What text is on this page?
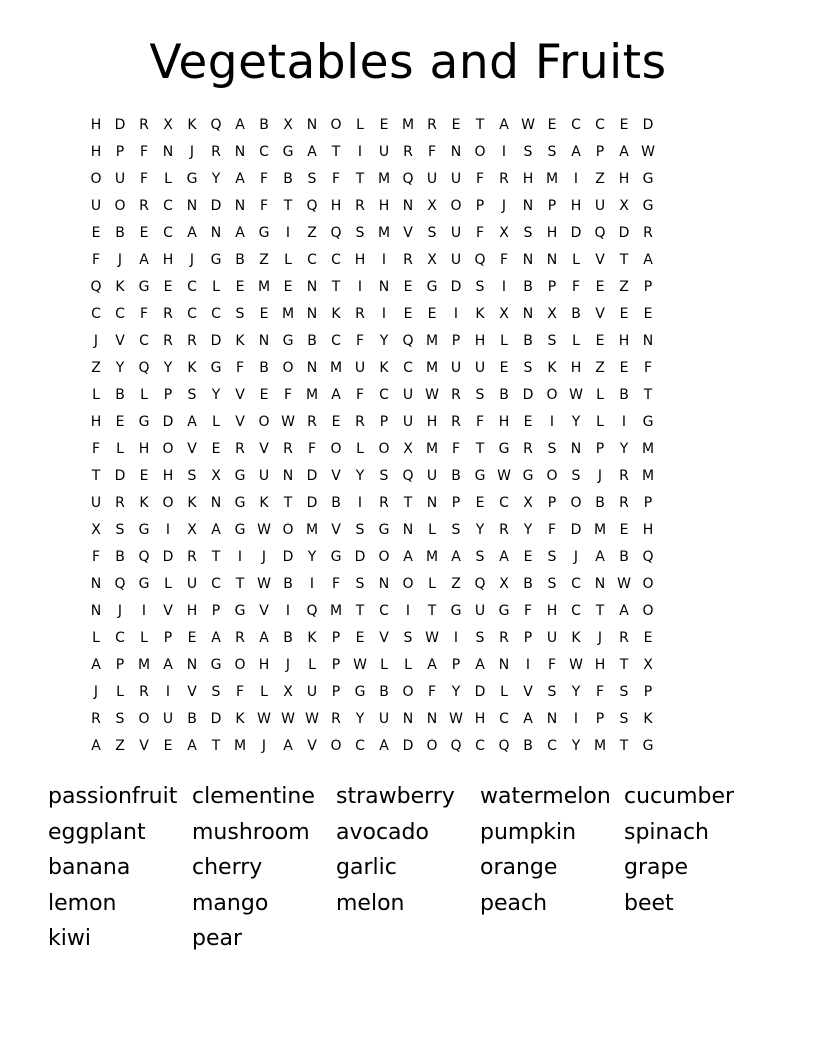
Vegetables and Fruits
H D R	X	K Q A	B	X N O	L	E M R	E	T	A W E	C	C	E	D
H	P	F	N	J	R N C G A	T	I	U	R	F	N O	I	S	S	A	P	A W
O U	F	L	G	Y	A	F	B	S	F	T M Q U U	F	R H M	I	Z H G
U O R	C N D N	F	T	Q H R H N X O	P	J	N	P	H U	X G
E	B	E	C	A N A G	I	Z Q	S M V	S	U	F	X	S	H D Q D R
F	J	A H	J	G B	Z	L	C	C H	I	R	X	U Q	F	N N	L	V	T	A
Q K G	E	C	L	E M E	N	T	I	N	E	G D	S	I	B	P	F	E	Z	P
C	C	F	R	C	C	S	E M N	K	R	I	E	E	I	K	X N X	B	V	E	E
J	V	C	R	R D	K	N G B	C	F	Y	Q M P	H	L	B	S	L	E	H N
Z	Y	Q	Y	K G	F	B O N M U	K	C M U U	E	S	K	H Z	E	F
L	B	L	P	S	Y	V	E	F M A	F	C U W R	S	B D O W L	B	T
H	E	G D A	L	V O W R	E	R	P	U H R	F	H	E	I	Y	L	I	G
F	L	H O V	E	R	V	R	F	O	L	O X M F	T	G R	S	N	P	Y M
T	D	E	H	S	X G U N D V	Y	S	Q U	B G W G O	S	J	R M
U	R	K O K	N G K	T	D B	I	R	T	N	P	E	C	X	P	O B	R	P
X	S	G	I	X	A G W O M V	S	G N	L	S	Y	R	Y	F	D M E	H
F	B Q D R	T	I	J	D	Y	G D O A M A	S	A	E	S	J	A	B Q
N Q G	L	U C	T W B	I	F	S	N O	L	Z Q X	B	S	C N W O
N	J	I	V H	P	G V	I	Q M T	C	I	T	G U G	F	H C	T	A O
L	C	L	P	E	A	R	A	B	K	P	E	V	S W	I	S	R	P	U	K	J	R	E
A	P M A N G O H	J	L	P W L	L	A	P	A N	I	F W H	T	X
J	L	R	I	V	S	F	L	X	U	P	G B O	F	Y	D	L	V	S	Y	F	S	P
R	S	O U	B D	K W W W R	Y	U N N W H C	A N	I	P	S	K
A	Z	V	E	A	T M	J	A	V O C	A D O Q C Q B	C	Y M T	G
passionfruit clementine strawberry	watermelon cucumber
eggplant	mushroom	avocado	pumpkin	spinach
banana	cherry	garlic	orange	grape
lemon	mango	melon	peach	beet
kiwi	pear
